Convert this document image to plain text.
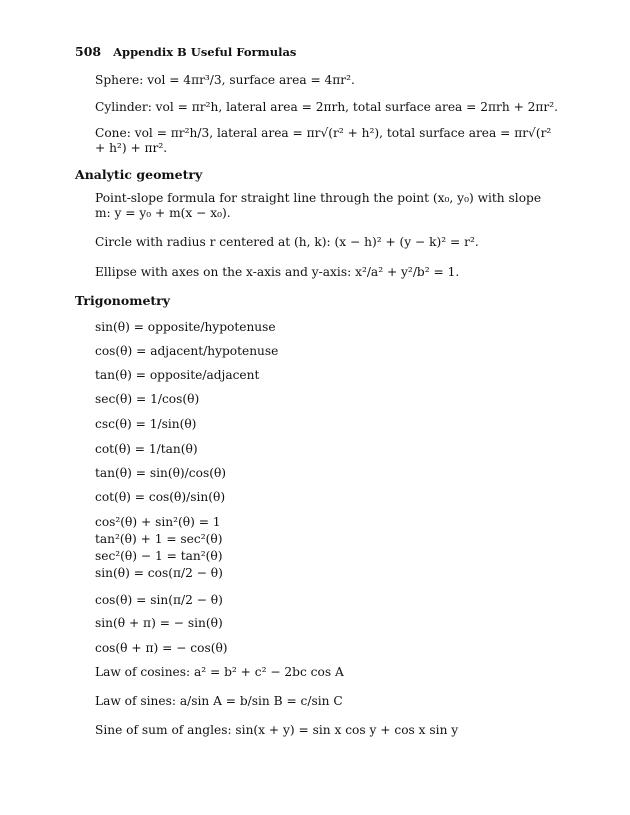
508 Appendix B Useful Formulas
Sphere: vol = 4πr³/3, surface area = 4πr².
Cylinder: vol = πr²h, lateral area = 2πrh, total surface area = 2πrh + 2πr².
Cone: vol = πr²h/3, lateral area = πr√(r² + h²), total surface area = πr√(r² + h²) + πr².
Analytic geometry
Point-slope formula for straight line through the point (x₀, y₀) with slope m: y = y₀ + m(x − x₀).
Circle with radius r centered at (h, k): (x − h)² + (y − k)² = r².
Ellipse with axes on the x-axis and y-axis: x²/a² + y²/b² = 1.
Trigonometry
sin(θ) = opposite/hypotenuse
cos(θ) = adjacent/hypotenuse
tan(θ) = opposite/adjacent
sec(θ) = 1/cos(θ)
csc(θ) = 1/sin(θ)
cot(θ) = 1/tan(θ)
tan(θ) = sin(θ)/cos(θ)
cot(θ) = cos(θ)/sin(θ)
cos²(θ) + sin²(θ) = 1
tan²(θ) + 1 = sec²(θ)
sec²(θ) − 1 = tan²(θ)
sin(θ) = cos(π/2 − θ)
cos(θ) = sin(π/2 − θ)
sin(θ + π) = − sin(θ)
cos(θ + π) = − cos(θ)
Law of cosines: a² = b² + c² − 2bc cos A
Law of sines: a/sin A = b/sin B = c/sin C
Sine of sum of angles: sin(x + y) = sin x cos y + cos x sin y
